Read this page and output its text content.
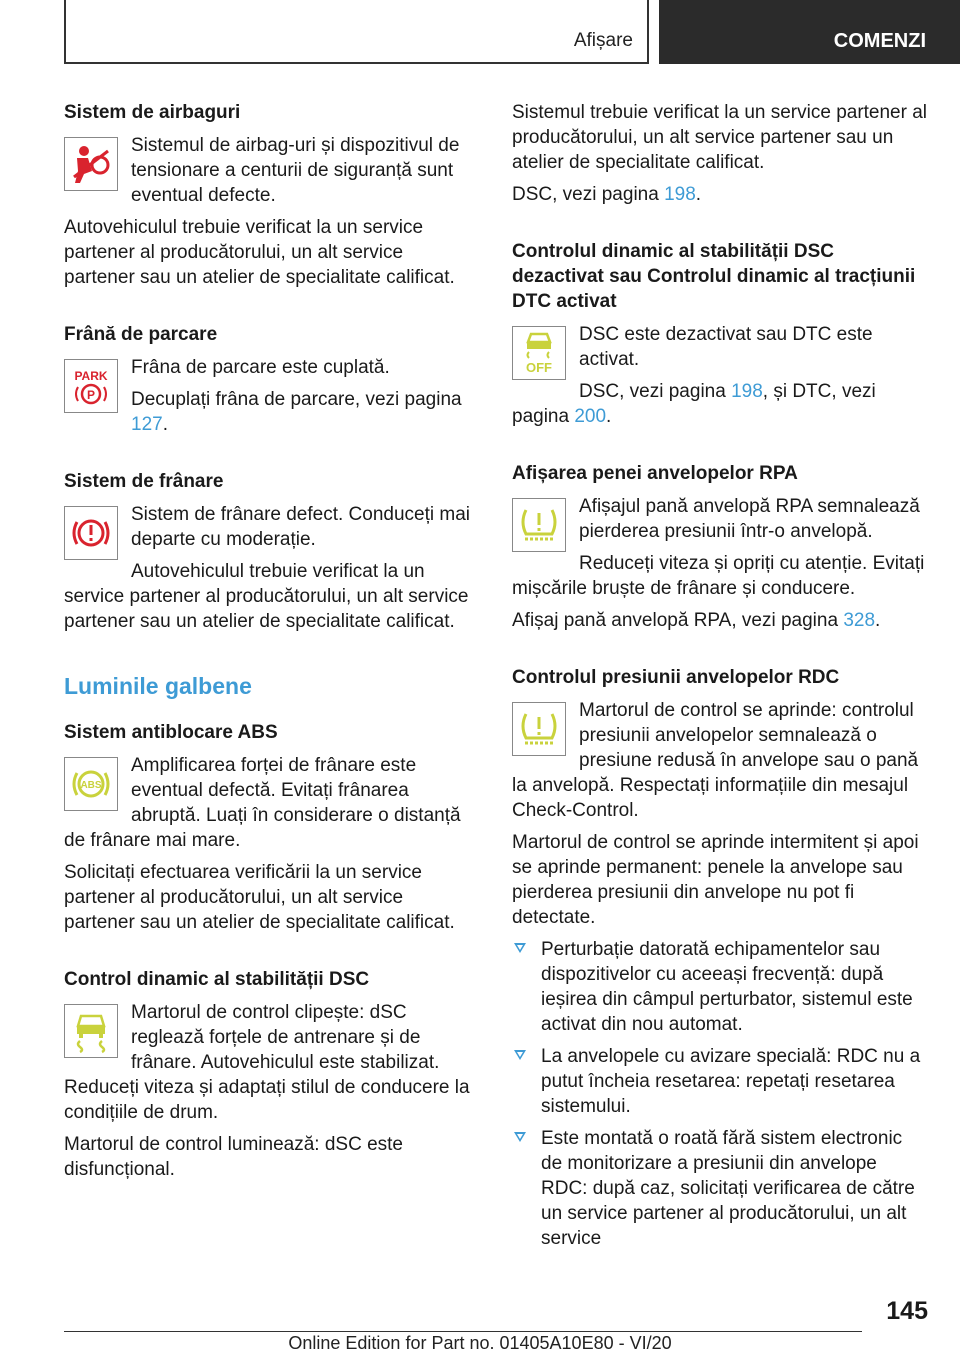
Afișare	COMENZI
Sistem de airbaguri

Sistemul de airbag-uri și dispozitivul de tensionare a centurii de siguranță sunt eventual defecte.

Autovehiculul trebuie verificat la un service partener al producătorului, un alt service partener sau un atelier de specialitate calificat.

Frână de parcare
PARK
P

Frâna de parcare este cuplată.

Decuplați frâna de parcare, vezi pagina 127.

Sistem de frânare

Sistem de frânare defect. Conduceți mai departe cu moderație.

Autovehiculul trebuie verificat la un service partener al producătorului, un alt service partener sau un atelier de specialitate calificat.

Luminile galbene
Sistem antiblocare ABS
ABS

Amplificarea forței de frânare este eventual defectă. Evitați frânarea abruptă. Luați în considerare o distanță de frânare mai mare.

Solicitați efectuarea verificării la un service partener al producătorului, un alt service partener sau un atelier de specialitate calificat.

Control dinamic al stabilității DSC

Martorul de control clipește: dSC reglează forțele de antrenare și de frânare. Autovehiculul este stabilizat. Reduceți viteza și adaptați stilul de conducere la condițiile de drum.

Martorul de control luminează: dSC este disfuncțional.

Sistemul trebuie verificat la un service partener al producătorului, un alt service partener sau un atelier de specialitate calificat.

DSC, vezi pagina 198.

Controlul dinamic al stabilității DSC dezactivat sau Controlul dinamic al tracțiunii DTC activat
OFF

DSC este dezactivat sau DTC este activat.

DSC, vezi pagina 198, și DTC, vezi pagina 200.

Afișarea penei anvelopelor RPA

Afișajul pană anvelopă RPA semnalează pierderea presiunii într-o anvelopă.

Reduceți viteza și opriți cu atenție. Evitați mișcările bruște de frânare și conducere.

Afișaj pană anvelopă RPA, vezi pagina 328.

Controlul presiunii anvelopelor RDC

Martorul de control se aprinde: controlul presiunii anvelopelor semnalează o presiune redusă în anvelope sau o pană la anvelopă. Respectați informațiile din mesajul Check-Control.

Martorul de control se aprinde intermitent și apoi se aprinde permanent: penele la anvelope sau pierderea presiunii din anvelope nu pot fi detectate.

Perturbație datorată echipamentelor sau dispozitivelor cu aceeași frecvență: după ieșirea din câmpul perturbator, sistemul este activat din nou automat.
La anvelopele cu avizare specială: RDC nu a putut încheia resetarea: repetați resetarea sistemului.
Este montată o roată fără sistem electronic de monitorizare a presiunii din anvelope RDC: după caz, solicitați verificarea de către un service partener al producătorului, un alt service
145
Online Edition for Part no. 01405A10E80 - VI/20
